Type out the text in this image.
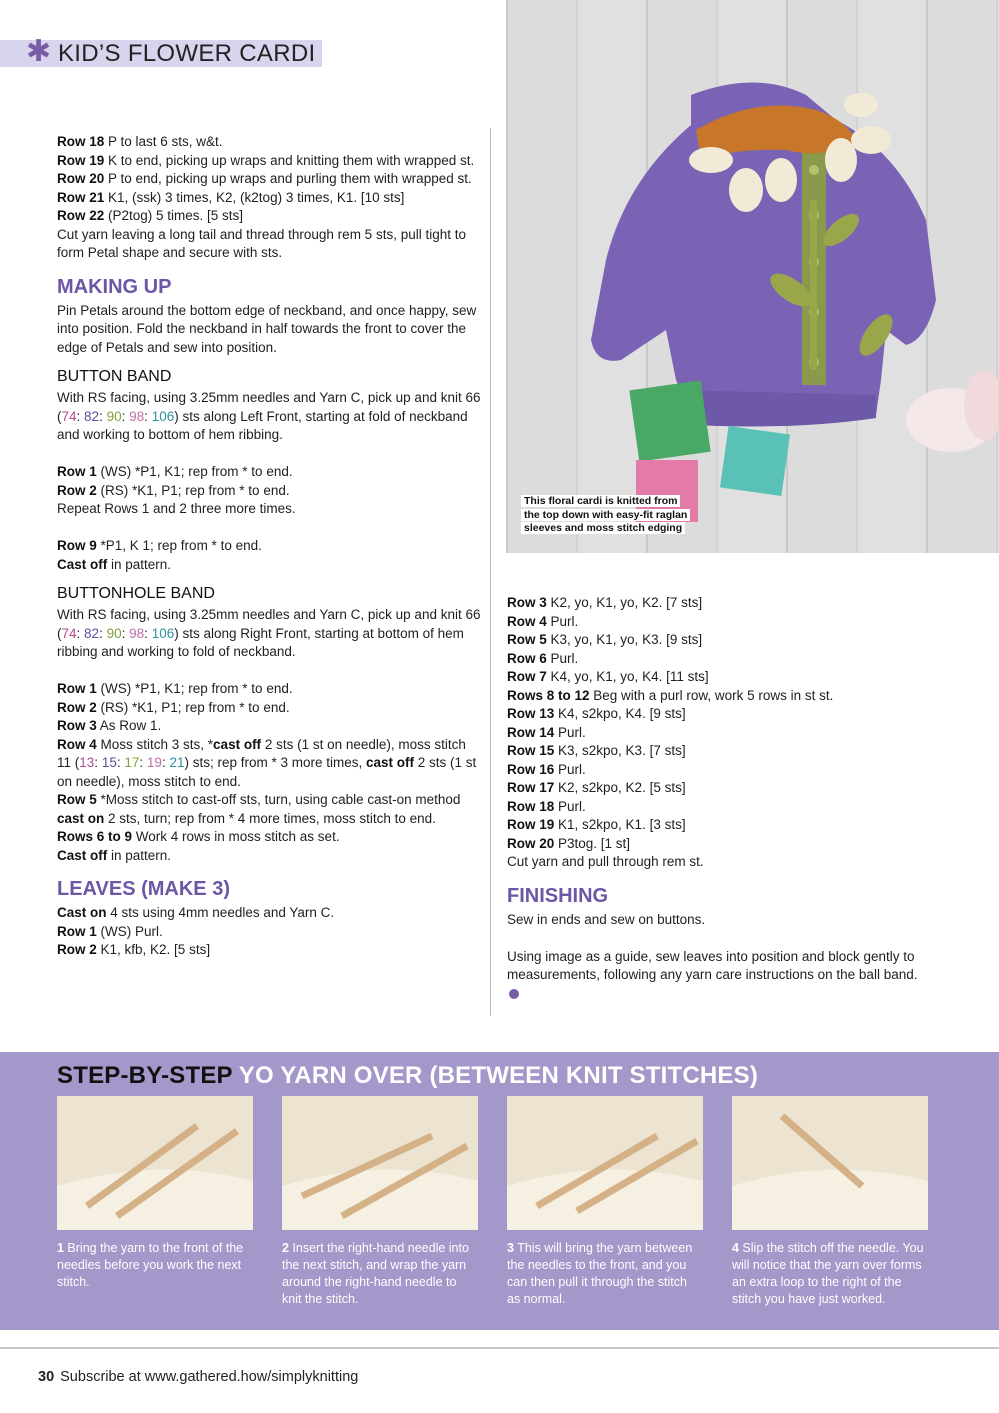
✱ KID’S FLOWER CARDI

Row 18 P to last 6 sts, w&t.

Row 19 K to end, picking up wraps and knitting them with wrapped st.

Row 20 P to end, picking up wraps and purling them with wrapped st.

Row 21 K1, (ssk) 3 times, K2, (k2tog) 3 times, K1. [10 sts]

Row 22 (P2tog) 5 times. [5 sts]

Cut yarn leaving a long tail and thread through rem 5 sts, pull tight to form Petal shape and secure with sts.

MAKING UP

Pin Petals around the bottom edge of neckband, and once happy, sew into position. Fold the neckband in half towards the front to cover the edge of Petals and sew into position.

BUTTON BAND

With RS facing, using 3.25mm needles and Yarn C, pick up and knit 66 (74: 82: 90: 98: 106) sts along Left Front, starting at fold of neckband and working to bottom of hem ribbing.

Row 1 (WS) *P1, K1; rep from * to end.

Row 2 (RS) *K1, P1; rep from * to end.

Repeat Rows 1 and 2 three more times.

Row 9 *P1, K 1; rep from * to end.

Cast off in pattern.

BUTTONHOLE BAND

With RS facing, using 3.25mm needles and Yarn C, pick up and knit 66 (74: 82: 90: 98: 106) sts along Right Front, starting at bottom of hem ribbing and working to fold of neckband.

Row 1 (WS) *P1, K1; rep from * to end.

Row 2 (RS) *K1, P1; rep from * to end.

Row 3 As Row 1.

Row 4 Moss stitch 3 sts, *cast off 2 sts (1 st on needle), moss stitch 11 (13: 15: 17: 19: 21) sts; rep from * 3 more times, cast off 2 sts (1 st on needle), moss stitch to end.

Row 5 *Moss stitch to cast-off sts, turn, using cable cast-on method cast on 2 sts, turn; rep from * 4 more times, moss stitch to end.

Rows 6 to 9 Work 4 rows in moss stitch as set.

Cast off in pattern.

LEAVES (MAKE 3)

Cast on 4 sts using 4mm needles and Yarn C.

Row 1 (WS) Purl.

Row 2 K1, kfb, K2. [5 sts]

This floral cardi is knitted from the top down with easy-fit raglan sleeves and moss stitch edging

Row 3 K2, yo, K1, yo, K2. [7 sts]

Row 4 Purl.

Row 5 K3, yo, K1, yo, K3. [9 sts]

Row 6 Purl.

Row 7 K4, yo, K1, yo, K4. [11 sts]

Rows 8 to 12 Beg with a purl row, work 5 rows in st st.

Row 13 K4, s2kpo, K4. [9 sts]

Row 14 Purl.

Row 15 K3, s2kpo, K3. [7 sts]

Row 16 Purl.

Row 17 K2, s2kpo, K2. [5 sts]

Row 18 Purl.

Row 19 K1, s2kpo, K1. [3 sts]

Row 20 P3tog. [1 st]

Cut yarn and pull through rem st.

FINISHING

Sew in ends and sew on buttons.

Using image as a guide, sew leaves into position and block gently to measurements, following any yarn care instructions on the ball band.

STEP-BY-STEP YO YARN OVER (BETWEEN KNIT STITCHES)
1 Bring the yarn to the front of the needles before you work the next stitch.
2 Insert the right-hand needle into the next stitch, and wrap the yarn around the right-hand needle to knit the stitch.
3 This will bring the yarn between the needles to the front, and you can then pull it through the stitch as normal.
4 Slip the stitch off the needle. You will notice that the yarn over forms an extra loop to the right of the stitch you have just worked.
30 Subscribe at www.gathered.how/simplyknitting
